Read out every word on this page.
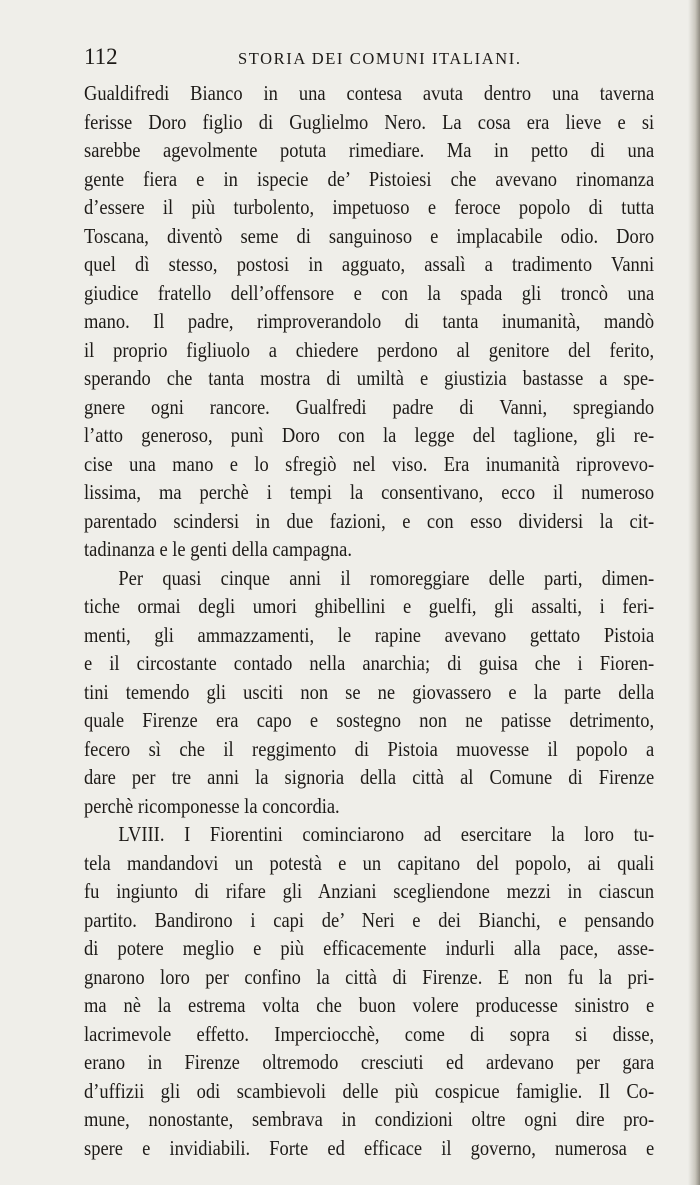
112	STORIA DEI COMUNI ITALIANI.
Gualdifredi Bianco in una contesa avuta dentro una taverna
ferisse Doro figlio di Guglielmo Nero. La cosa era lieve e si
sarebbe agevolmente potuta rimediare. Ma in petto di una
gente fiera e in ispecie de’ Pistoiesi che avevano rinomanza
d’essere il più turbolento, impetuoso e feroce popolo di tutta
Toscana, diventò seme di sanguinoso e implacabile odio. Doro
quel dì stesso, postosi in agguato, assalì a tradimento Vanni
giudice fratello dell’offensore e con la spada gli troncò una
mano. Il padre, rimproverandolo di tanta inumanità, mandò
il proprio figliuolo a chiedere perdono al genitore del ferito,
sperando che tanta mostra di umiltà e giustizia bastasse a spe-
gnere ogni rancore. Gualfredi padre di Vanni, spregiando
l’atto generoso, punì Doro con la legge del taglione, gli re-
cise una mano e lo sfregiò nel viso. Era inumanità riprovevo-
lissima, ma perchè i tempi la consentivano, ecco il numeroso
parentado scindersi in due fazioni, e con esso dividersi la cit-
tadinanza e le genti della campagna.
Per quasi cinque anni il romoreggiare delle parti, dimen-
tiche ormai degli umori ghibellini e guelfi, gli assalti, i feri-
menti, gli ammazzamenti, le rapine avevano gettato Pistoia
e il circostante contado nella anarchia; di guisa che i Fioren-
tini temendo gli usciti non se ne giovassero e la parte della
quale Firenze era capo e sostegno non ne patisse detrimento,
fecero sì che il reggimento di Pistoia muovesse il popolo a
dare per tre anni la signoria della città al Comune di Firenze
perchè ricomponesse la concordia.
LVIII. I Fiorentini cominciarono ad esercitare la loro tu-
tela mandandovi un potestà e un capitano del popolo, ai quali
fu ingiunto di rifare gli Anziani scegliendone mezzi in ciascun
partito. Bandirono i capi de’ Neri e dei Bianchi, e pensando
di potere meglio e più efficacemente indurli alla pace, asse-
gnarono loro per confino la città di Firenze. E non fu la pri-
ma nè la estrema volta che buon volere producesse sinistro e
lacrimevole effetto. Imperciocchè, come di sopra si disse,
erano in Firenze oltremodo cresciuti ed ardevano per gara
d’uffizii gli odi scambievoli delle più cospicue famiglie. Il Co-
mune, nonostante, sembrava in condizioni oltre ogni dire pro-
spere e invidiabili. Forte ed efficace il governo, numerosa e
